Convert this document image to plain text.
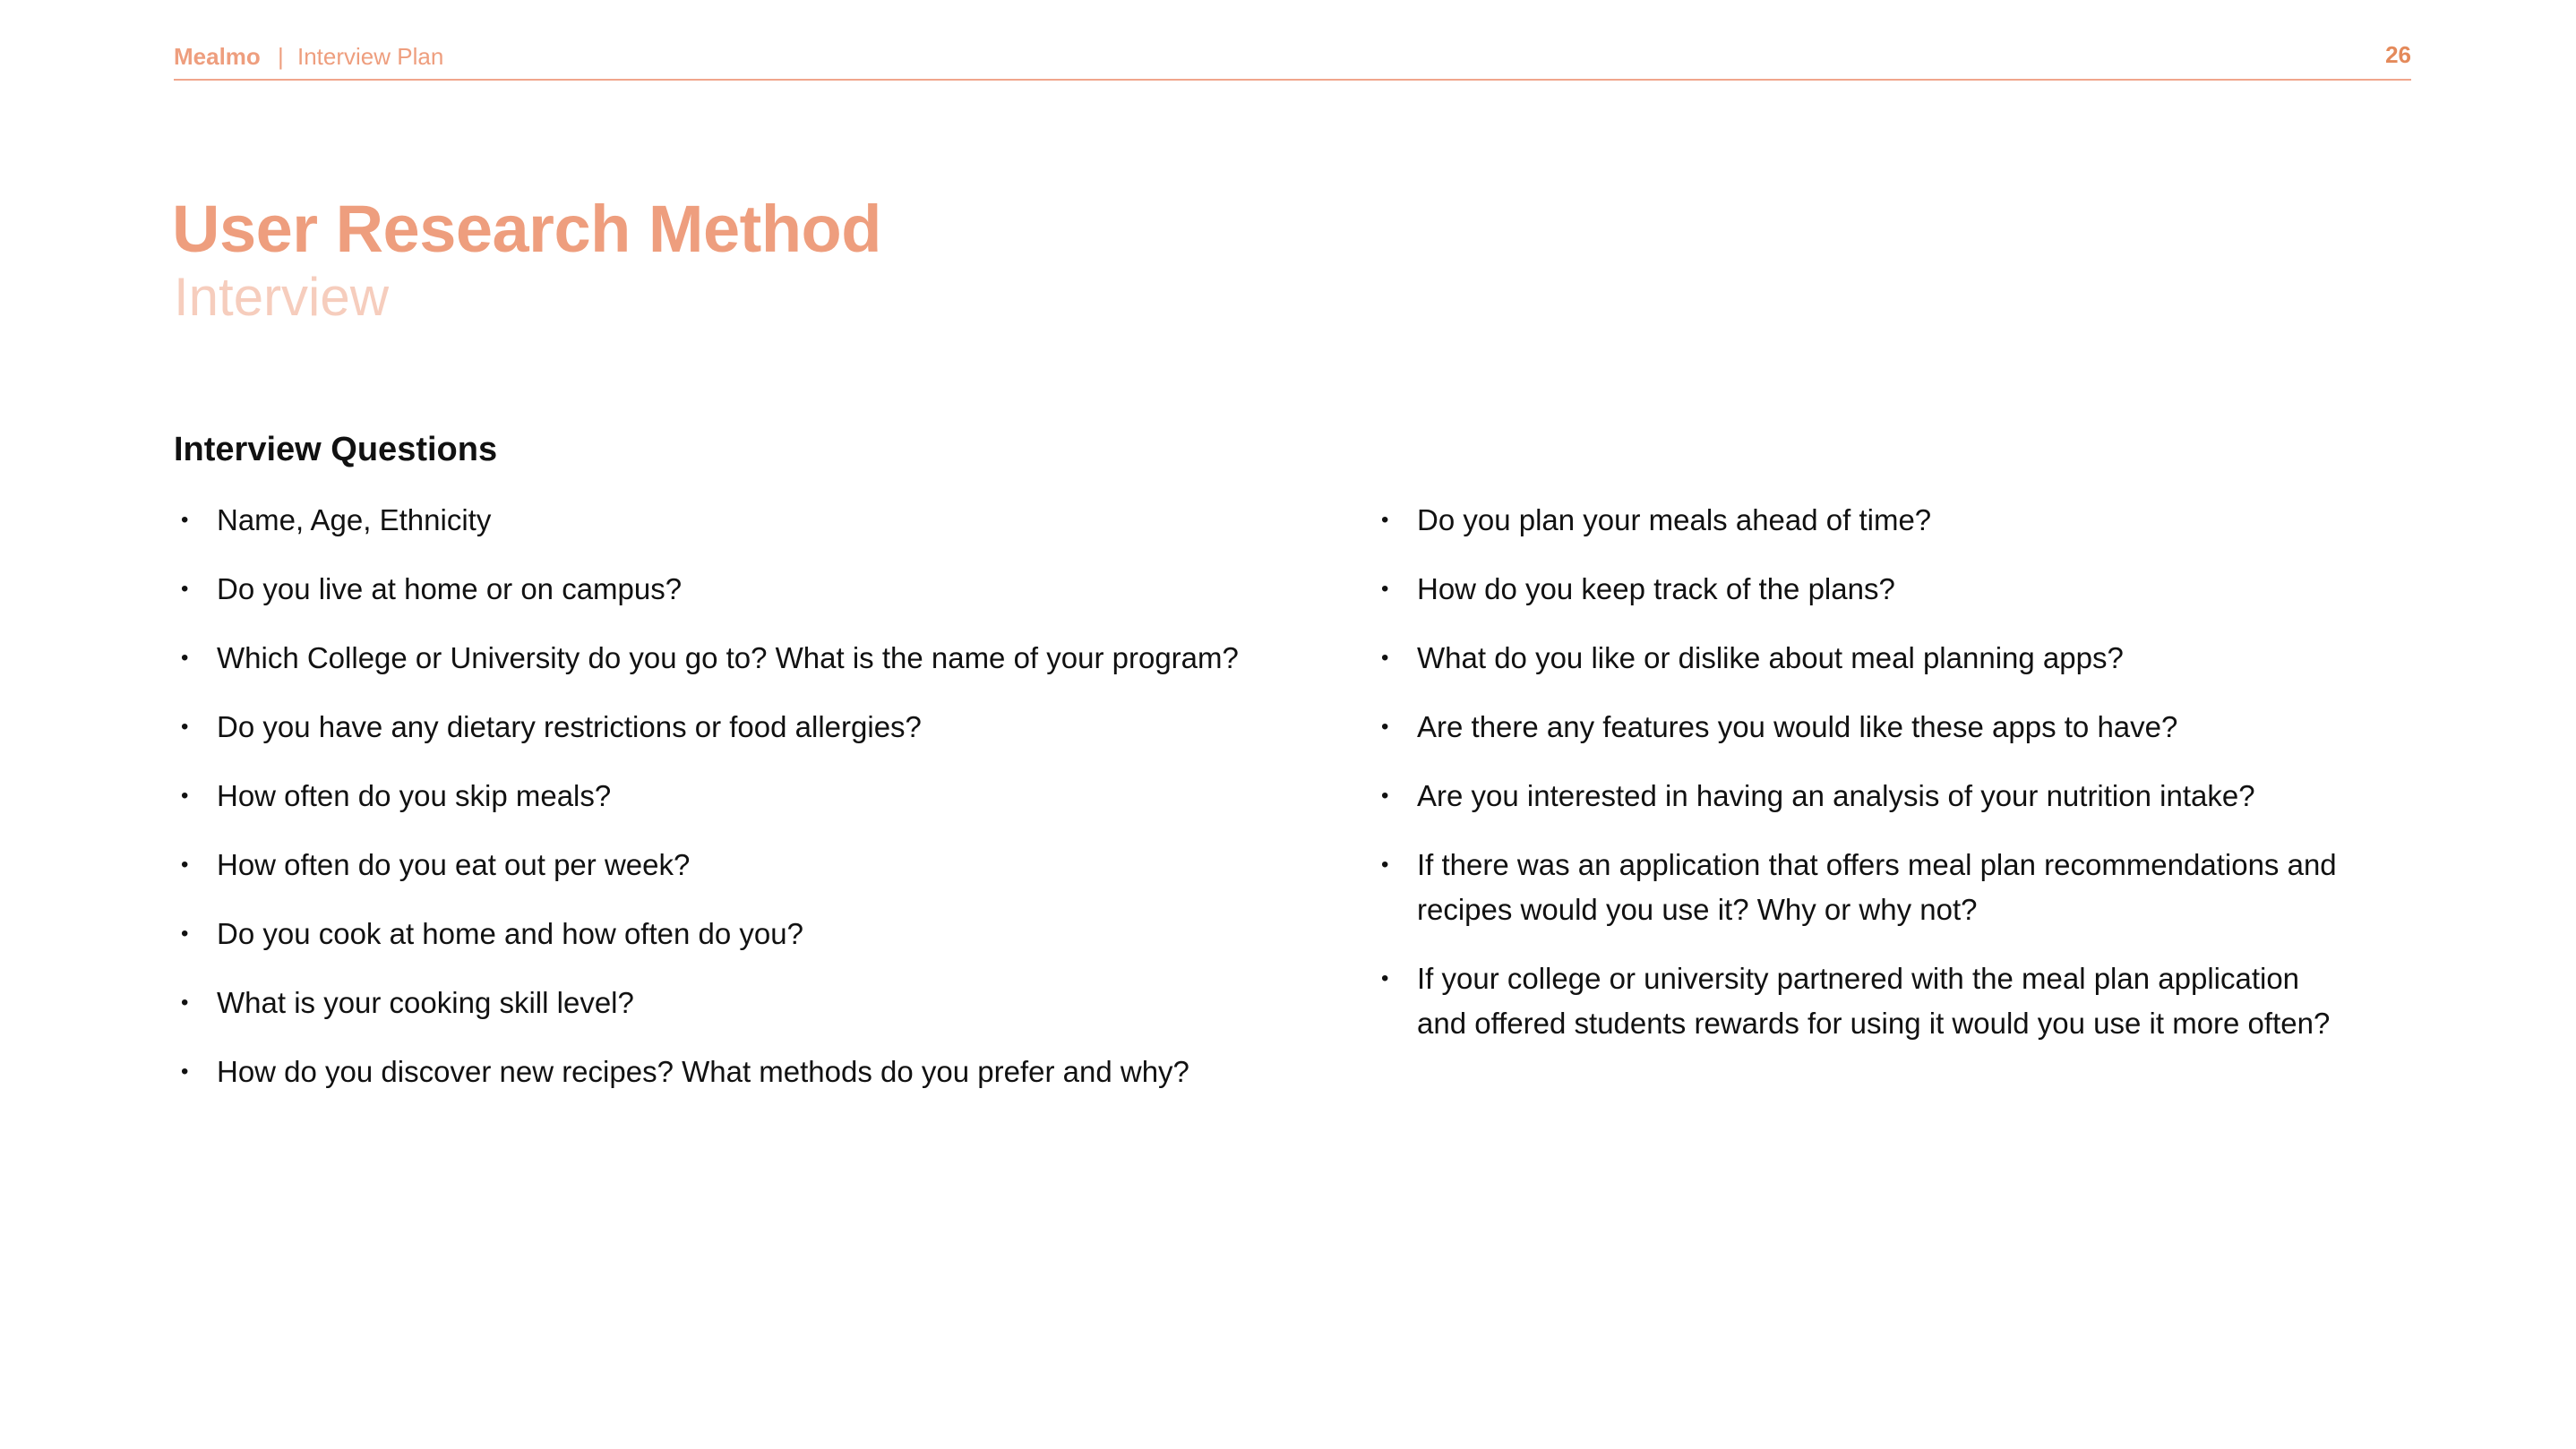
Mealmo | Interview Plan	26
User Research Method
Interview
Interview Questions
• Name, Age, Ethnicity
• Do you live at home or on campus?
• Which College or University do you go to? What is the name of your program?
• Do you have any dietary restrictions or food allergies?
• How often do you skip meals?
• How often do you eat out per week?
• Do you cook at home and how often do you?
• What is your cooking skill level?
• How do you discover new recipes? What methods do you prefer and why?
• Do you plan your meals ahead of time?
• How do you keep track of the plans?
• What do you like or dislike about meal planning apps?
• Are there any features you would like these apps to have?
• Are you interested in having an analysis of your nutrition intake?
• If there was an application that offers meal plan recommendations and recipes would you use it? Why or why not?
• If your college or university partnered with the meal plan application and offered students rewards for using it would you use it more often?
